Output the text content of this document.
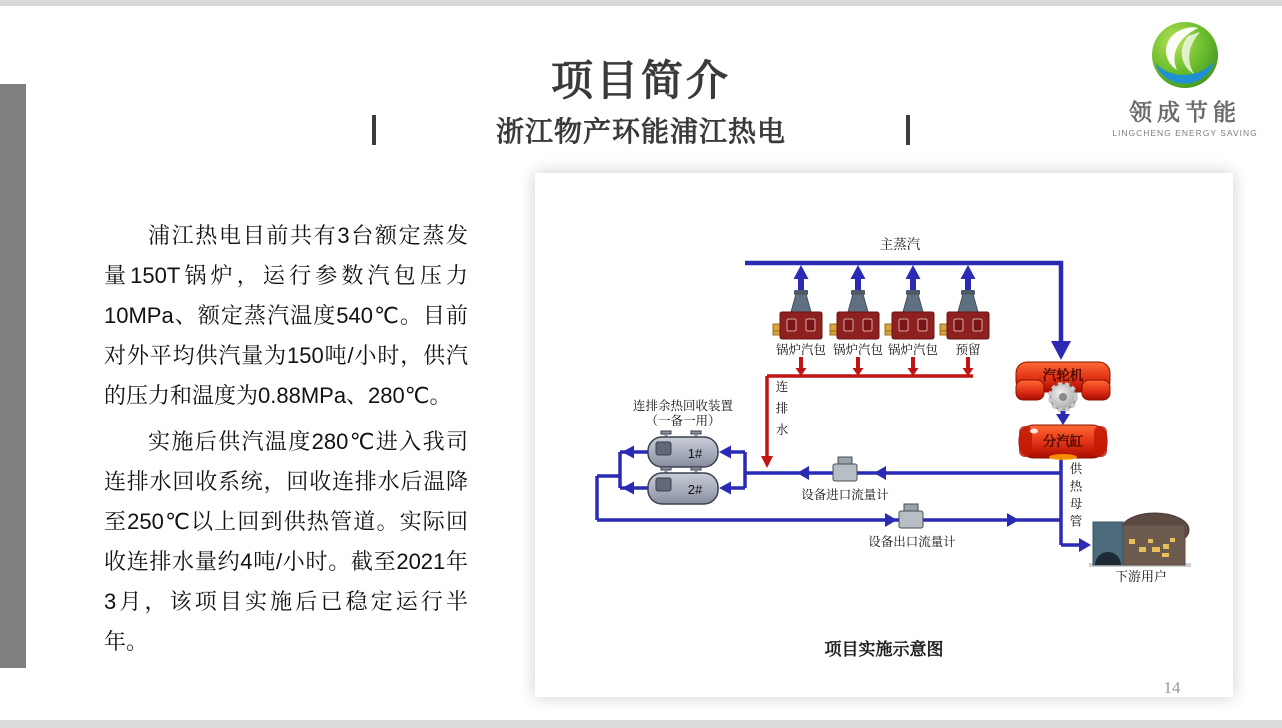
项目简介
浙江物产环能浦江热电
领成节能
LINGCHENG ENERGY SAVING

浦江热电目前共有3台额定蒸发量150T锅炉，运行参数汽包压力10MPa、额定蒸汽温度540℃。目前对外平均供汽量为150吨/小时，供汽的压力和温度为0.88MPa、280℃。

实施后供汽温度280℃进入我司连排水回收系统，回收连排水后温降至250℃以上回到供热管道。实际回收连排水量约4吨/小时。截至2021年3月，该项目实施后已稳定运行半年。

锅炉汽包 锅炉汽包 锅炉汽包 预留
连排余热回收装置
（一备一用）
1#
2#	设备进口流量计
设备出口流量计
汽轮机
分汽缸
下游用户
主蒸汽
连排水
供热母管
项目实施示意图
14
